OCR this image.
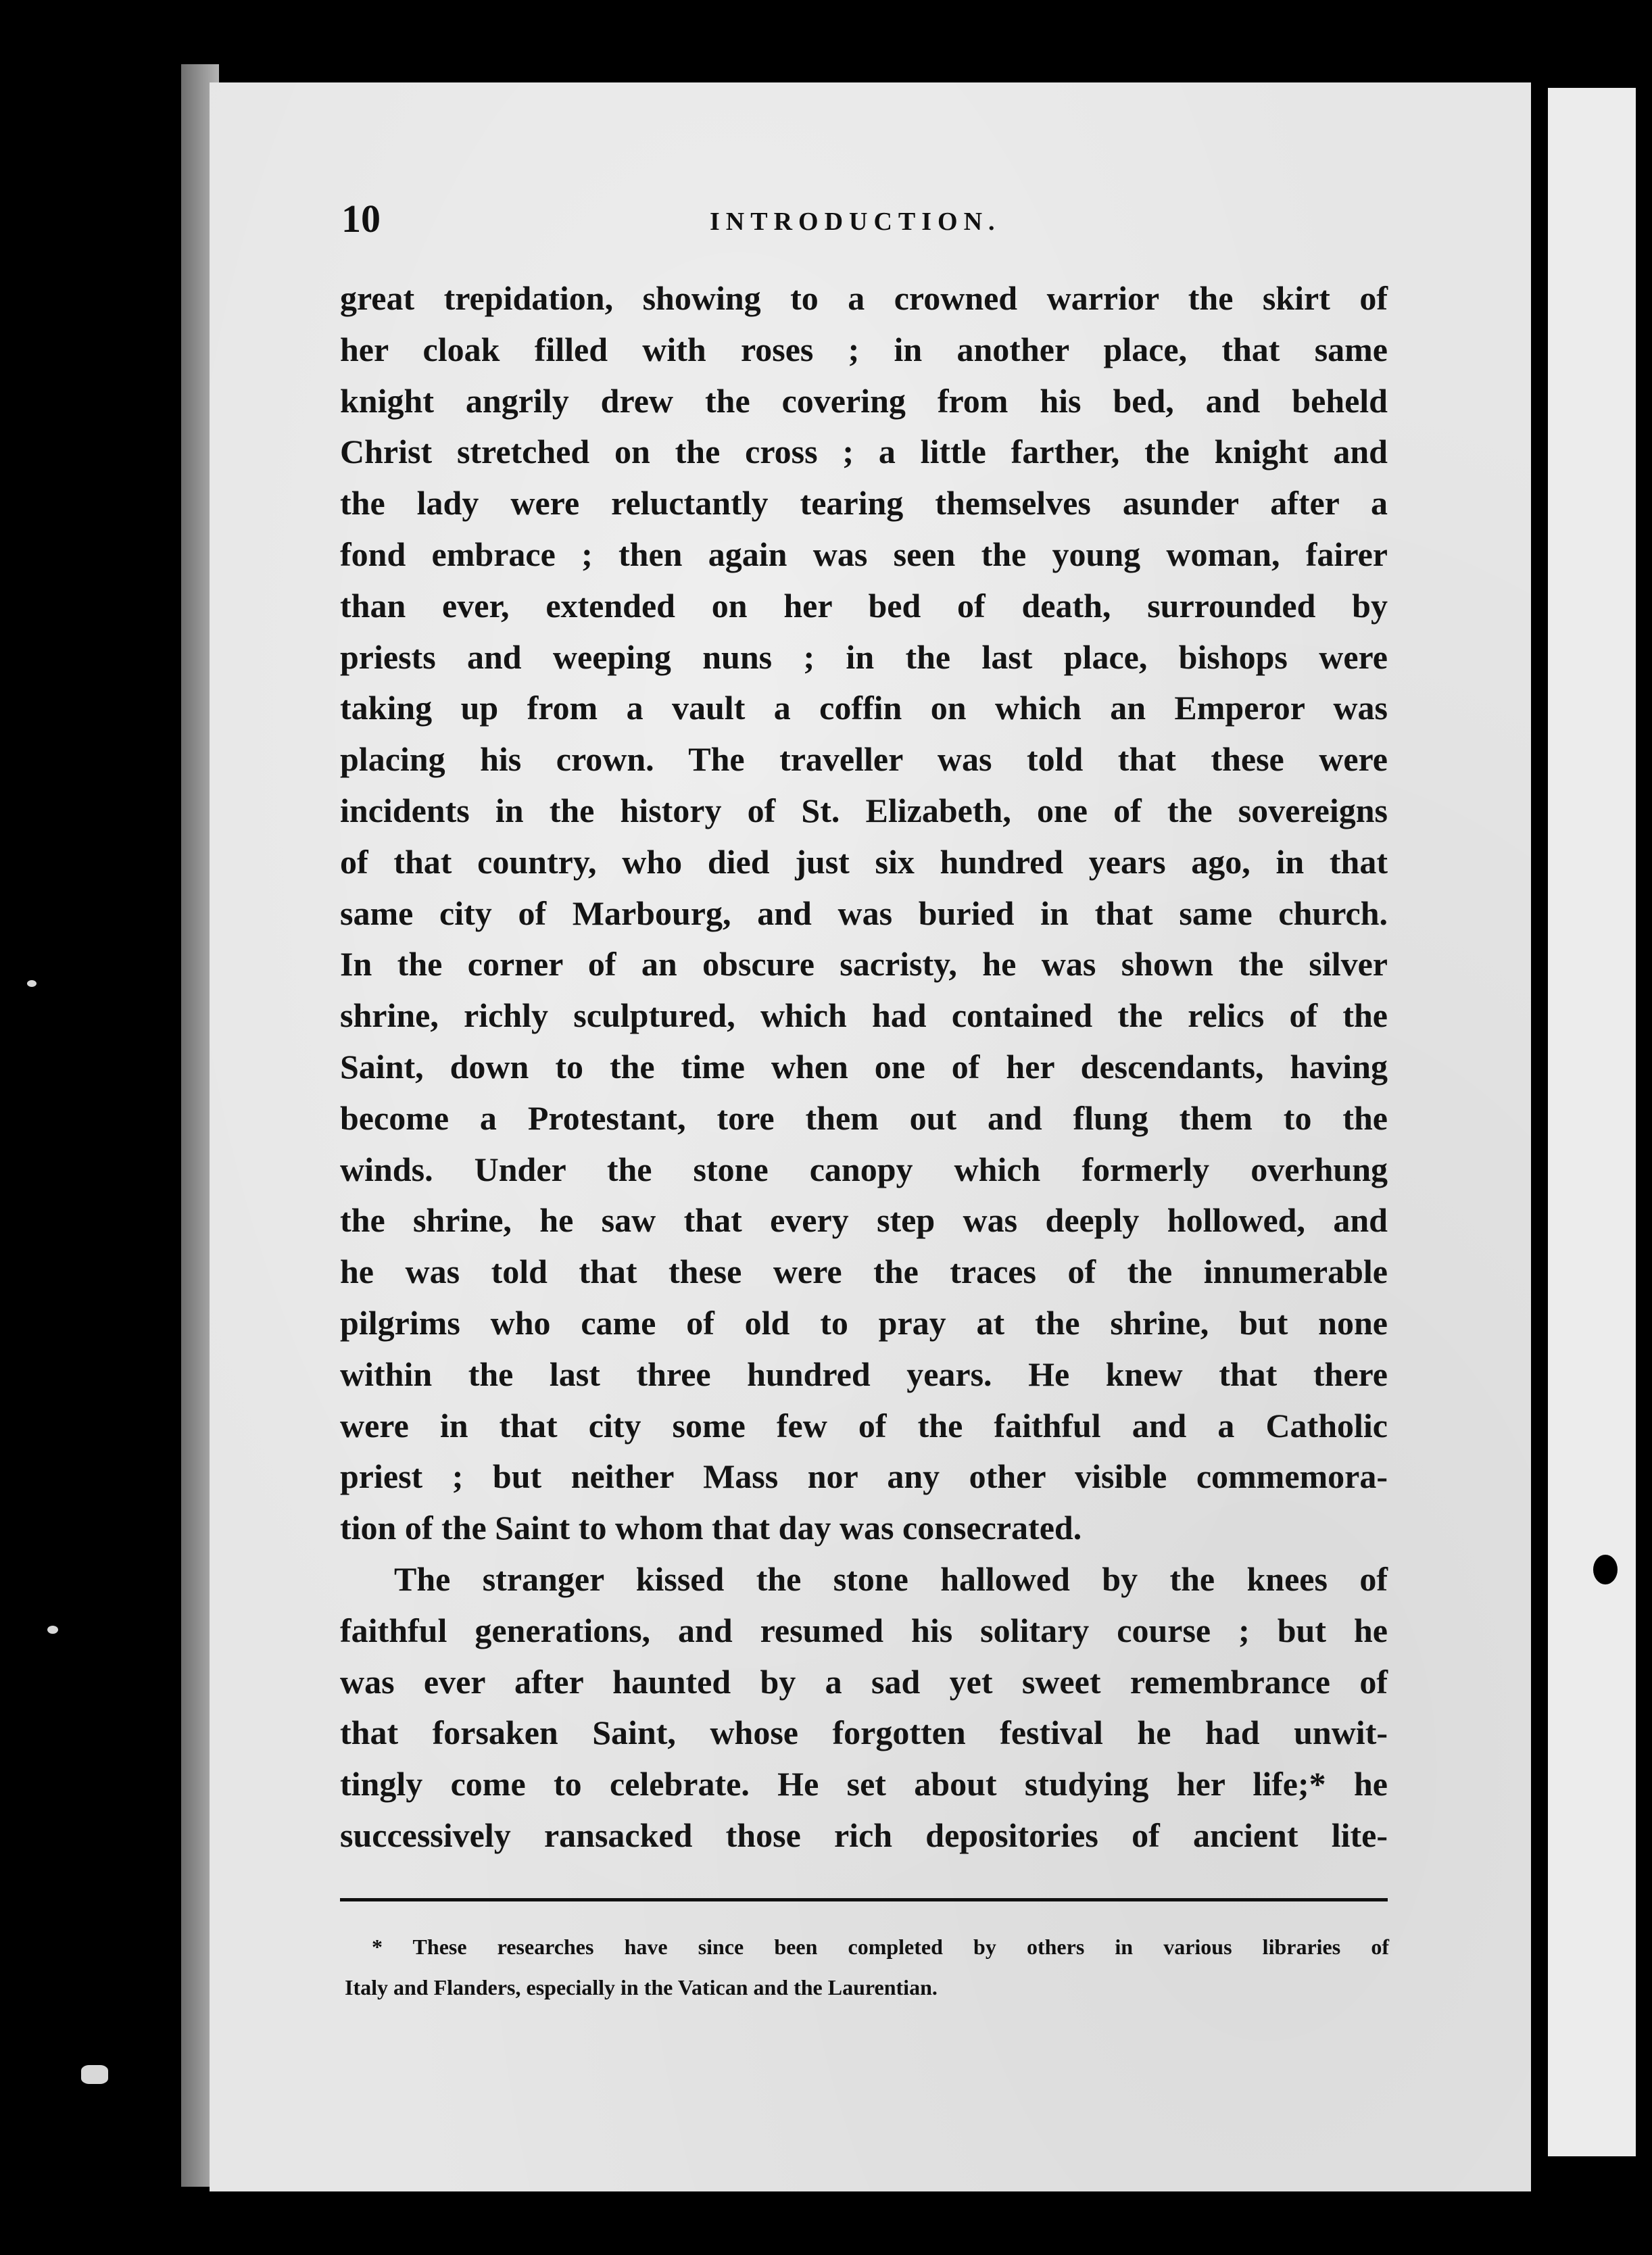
10	INTRODUCTION.
great trepidation, showing to a crowned warrior the skirt of
her cloak filled with roses ; in another place, that same
knight angrily drew the covering from his bed, and beheld
Christ stretched on the cross ; a little farther, the knight and
the lady were reluctantly tearing themselves asunder after a
fond embrace ; then again was seen the young woman, fairer
than ever, extended on her bed of death, surrounded by
priests and weeping nuns ; in the last place, bishops were
taking up from a vault a coffin on which an Emperor was
placing his crown. The traveller was told that these were
incidents in the history of St. Elizabeth, one of the sovereigns
of that country, who died just six hundred years ago, in that
same city of Marbourg, and was buried in that same church.
In the corner of an obscure sacristy, he was shown the silver
shrine, richly sculptured, which had contained the relics of the
Saint, down to the time when one of her descendants, having
become a Protestant, tore them out and flung them to the
winds. Under the stone canopy which formerly overhung
the shrine, he saw that every step was deeply hollowed, and
he was told that these were the traces of the innumerable
pilgrims who came of old to pray at the shrine, but none
within the last three hundred years. He knew that there
were in that city some few of the faithful and a Catholic
priest ; but neither Mass nor any other visible commemora-
tion of the Saint to whom that day was consecrated.
The stranger kissed the stone hallowed by the knees of
faithful generations, and resumed his solitary course ; but he
was ever after haunted by a sad yet sweet remembrance of
that forsaken Saint, whose forgotten festival he had unwit-
tingly come to celebrate. He set about studying her life;* he
successively ransacked those rich depositories of ancient lite-
* These researches have since been completed by others in various libraries of
Italy and Flanders, especially in the Vatican and the Laurentian.
